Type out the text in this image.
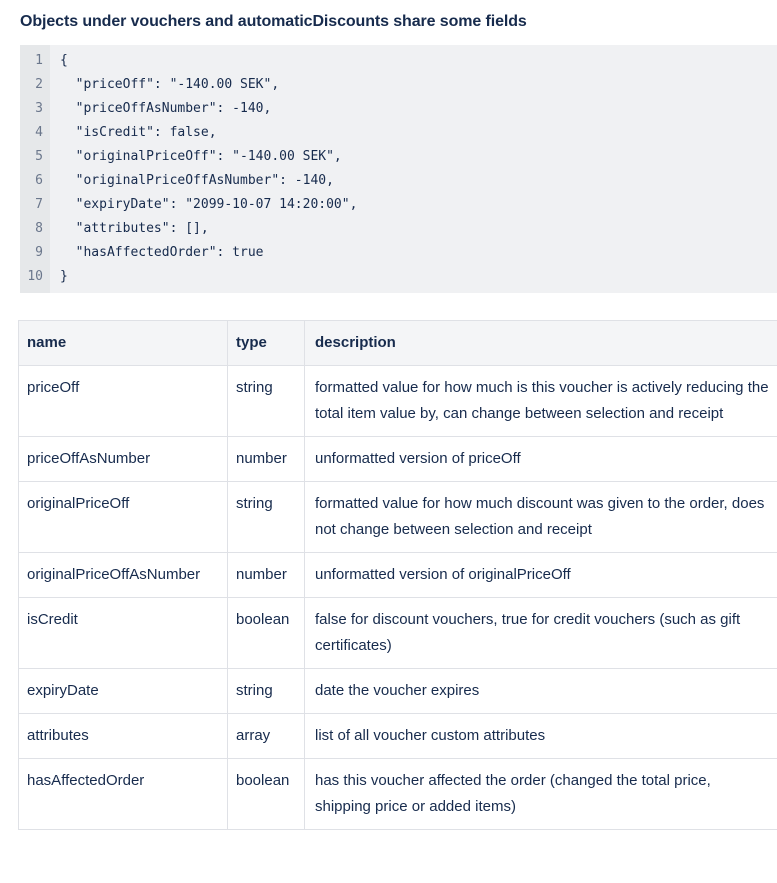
Objects under vouchers and automaticDiscounts share some fields
1
2
3
4
5
6
7
8
9
10
{
"priceOff": "-140.00 SEK",
"priceOffAsNumber": -140,
"isCredit": false,
"originalPriceOff": "-140.00 SEK",
"originalPriceOffAsNumber": -140,
"expiryDate": "2099-10-07 14:20:00",
"attributes": [],
"hasAffectedOrder": true
}
name	type	description
priceOff	string	formatted value for how much is this voucher is actively reducing the total item value by, can change between selection and receipt
priceOffAsNumber	number	unformatted version of priceOff
originalPriceOff	string	formatted value for how much discount was given to the order, does not change between selection and receipt
originalPriceOffAsNumber	number	unformatted version of originalPriceOff
isCredit	boolean	false for discount vouchers, true for credit vouchers (such as gift certificates)
expiryDate	string	date the voucher expires
attributes	array	list of all voucher custom attributes
hasAffectedOrder	boolean	has this voucher affected the order (changed the total price, shipping price or added items)
